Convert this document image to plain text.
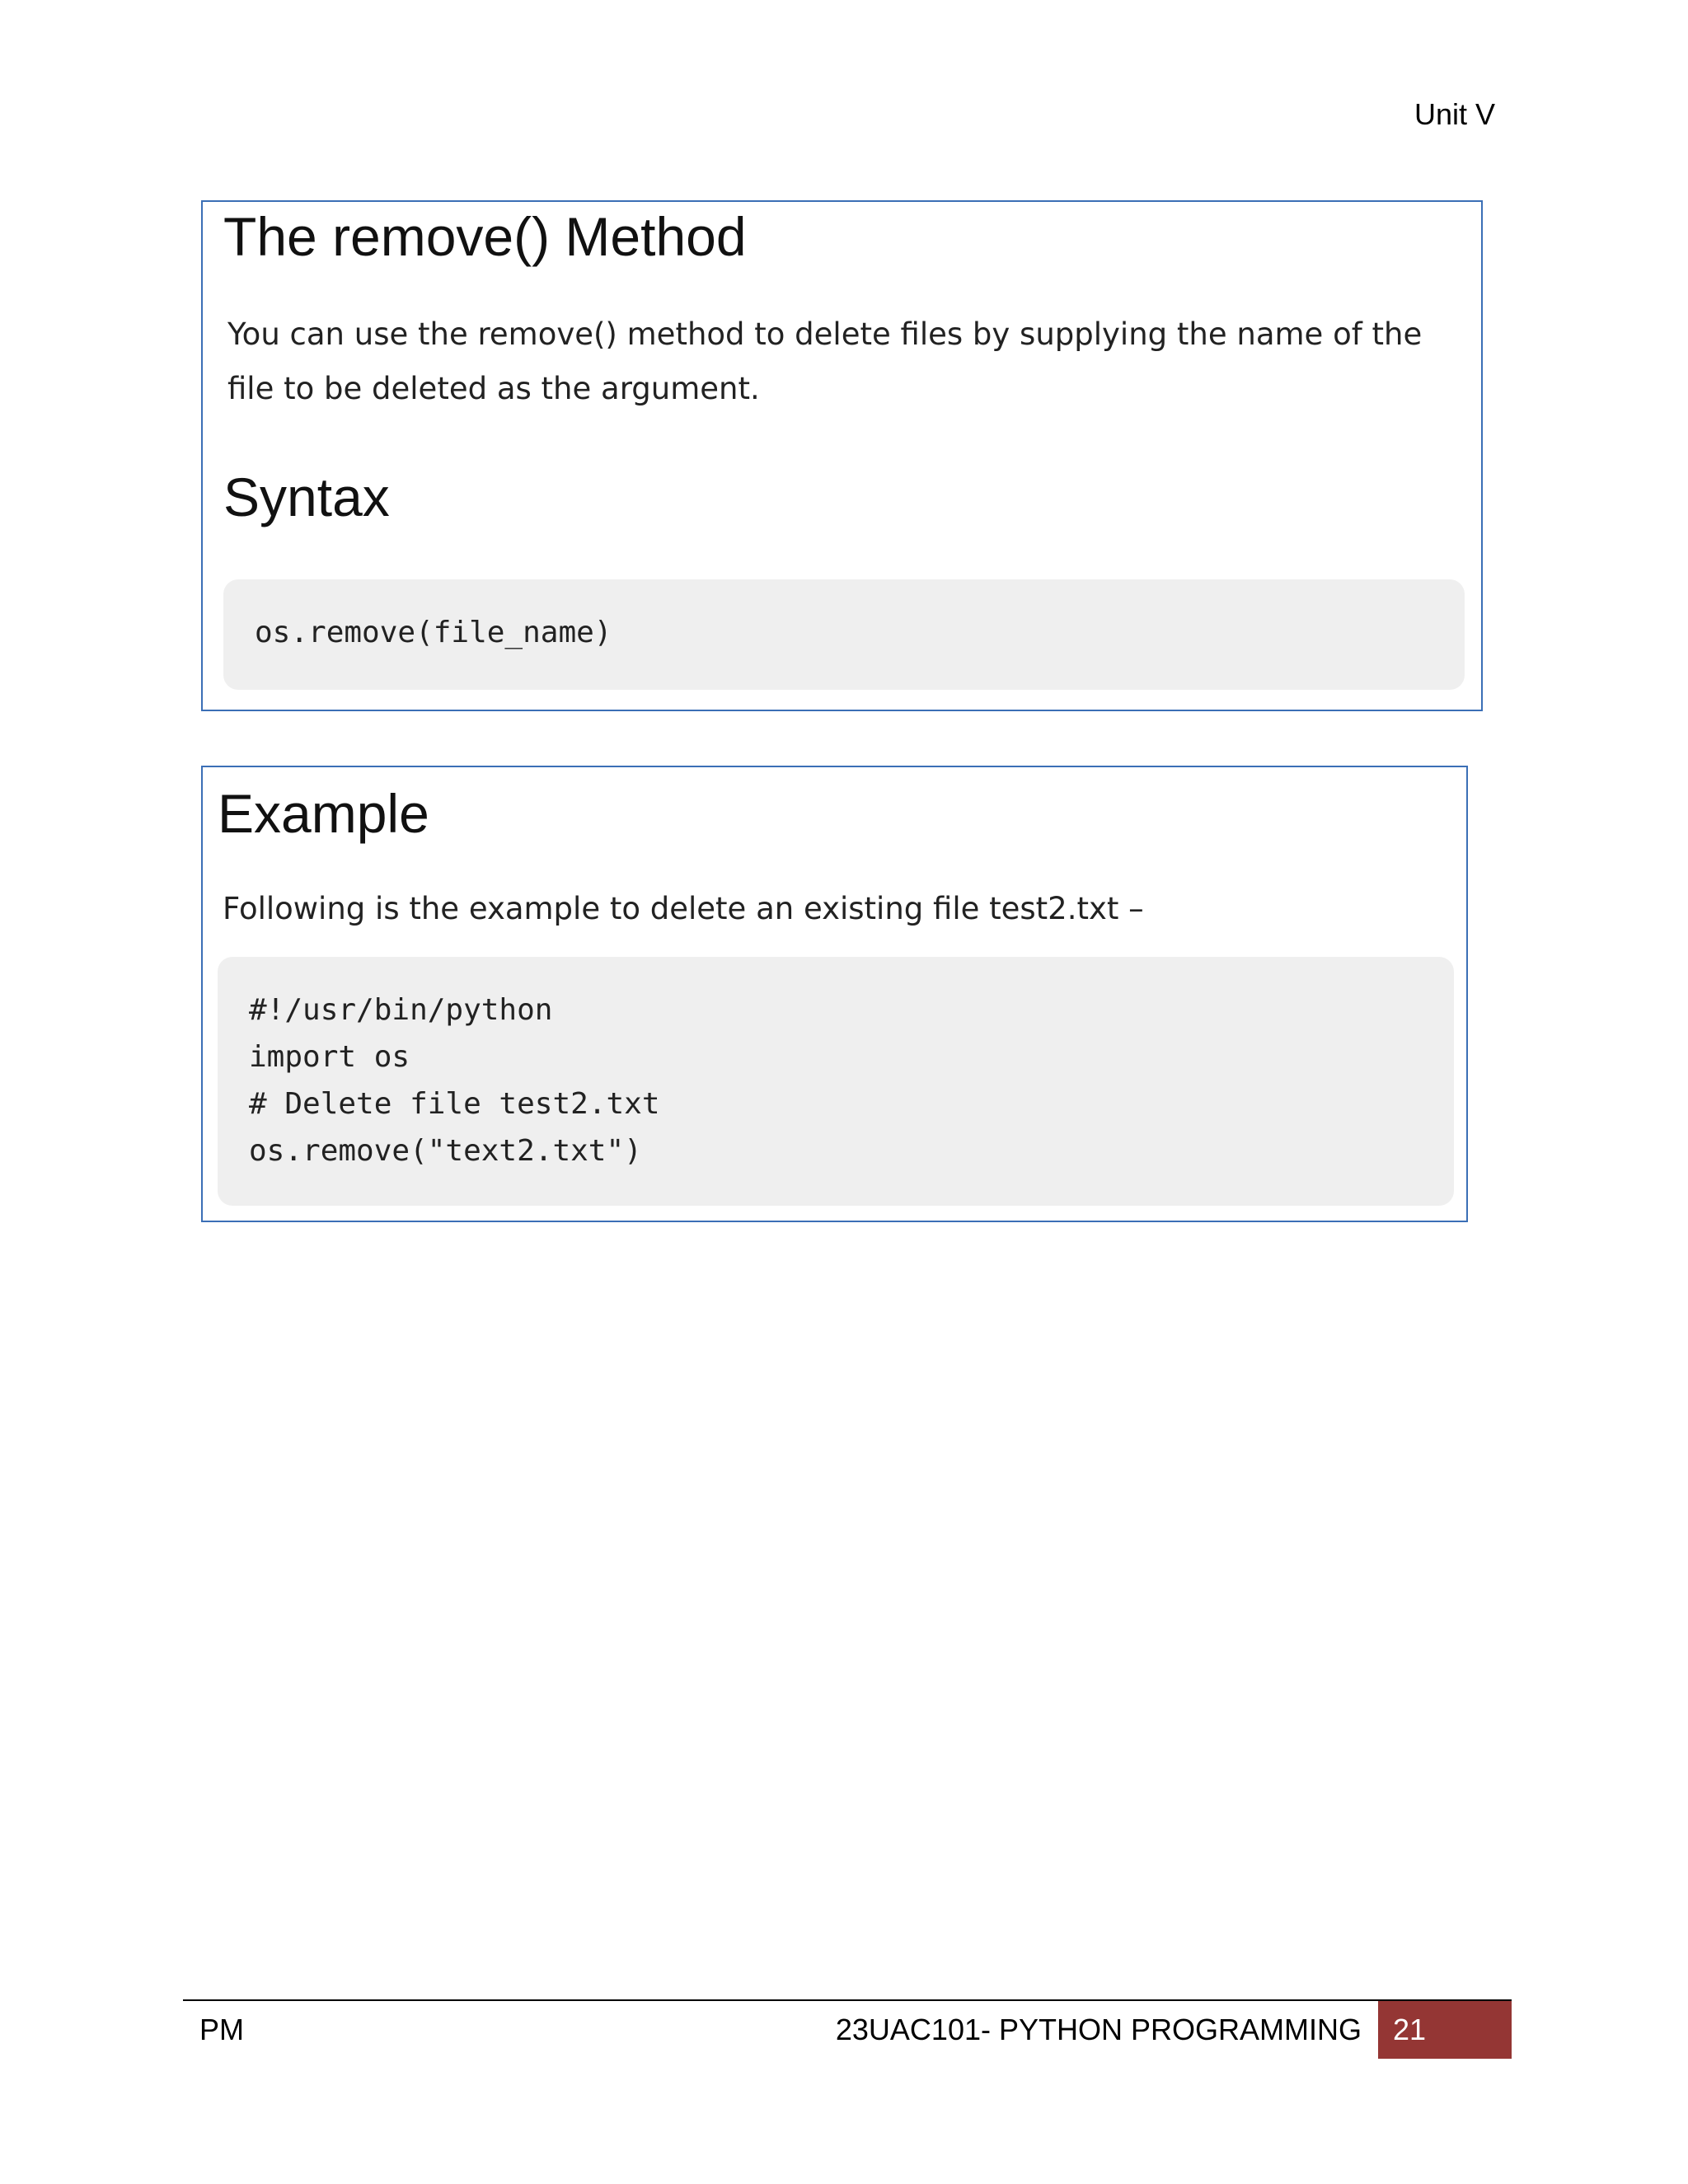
Unit V
The remove() Method

You can use the remove() method to delete files by supplying the name of the file to be deleted as the argument.

Syntax
os.remove(file_name)
Example

Following is the example to delete an existing file test2.txt –

#!/usr/bin/python
import os
# Delete file test2.txt
os.remove("text2.txt")
PM	23UAC101- PYTHON PROGRAMMING	21
